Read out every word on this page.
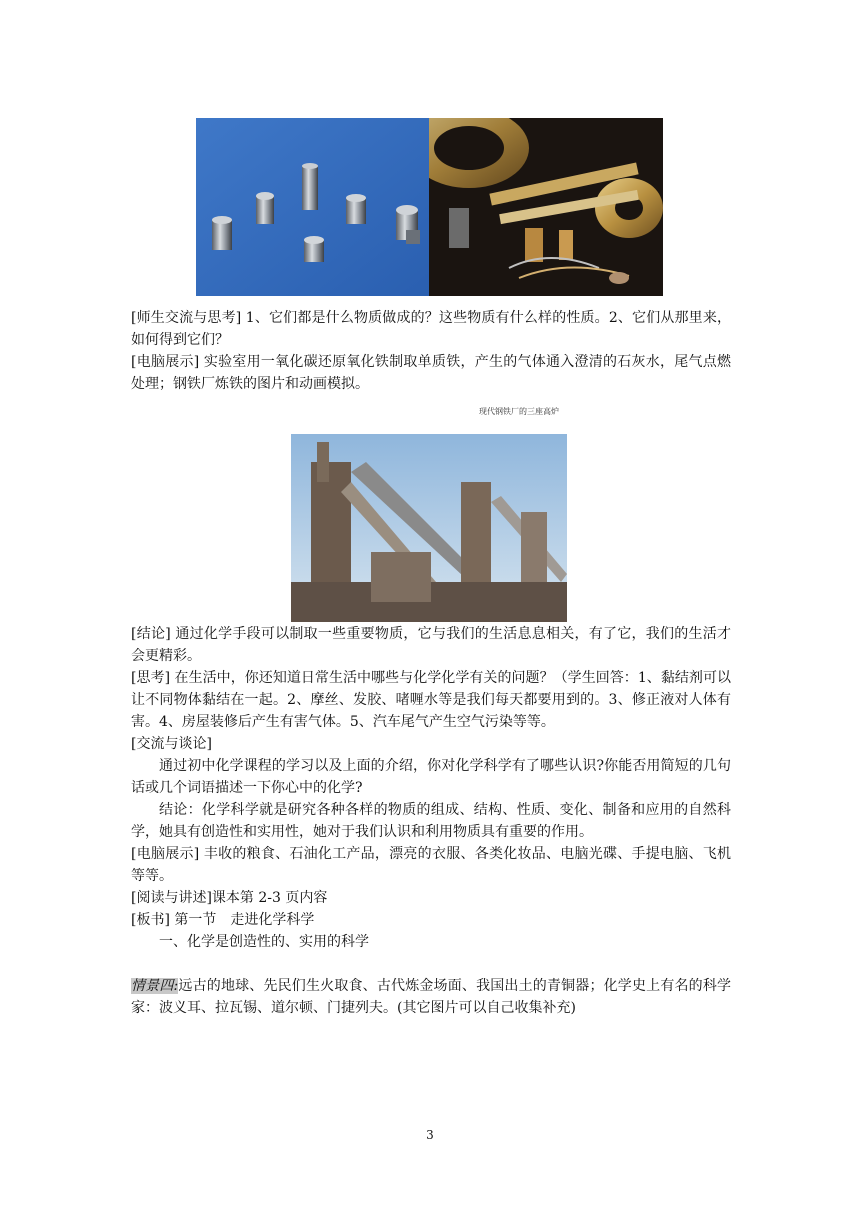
现代钢铁厂的三座高炉

[师生交流与思考] 1、它们都是什么物质做成的？这些物质有什么样的性质。2、它们从那里来，如何得到它们？

[电脑展示] 实验室用一氧化碳还原氧化铁制取单质铁，产生的气体通入澄清的石灰水，尾气点燃处理；钢铁厂炼铁的图片和动画模拟。

[结论] 通过化学手段可以制取一些重要物质，它与我们的生活息息相关，有了它，我们的生活才会更精彩。

[思考] 在生活中，你还知道日常生活中哪些与化学化学有关的问题？（学生回答：1、黏结剂可以让不同物体黏结在一起。2、摩丝、发胶、啫喱水等是我们每天都要用到的。3、修正液对人体有害。4、房屋装修后产生有害气体。5、汽车尾气产生空气污染等等。

[交流与谈论]

通过初中化学课程的学习以及上面的介绍，你对化学科学有了哪些认识?你能否用简短的几句话或几个词语描述一下你心中的化学?

结论：化学科学就是研究各种各样的物质的组成、结构、性质、变化、制备和应用的自然科学，她具有创造性和实用性，她对于我们认识和利用物质具有重要的作用。

[电脑展示] 丰收的粮食、石油化工产品，漂亮的衣服、各类化妆品、电脑光碟、手提电脑、飞机等等。

[阅读与讲述]课本第 2-3 页内容

[板书] 第一节　走进化学科学

一、化学是创造性的、实用的科学

情景四:远古的地球、先民们生火取食、古代炼金场面、我国出土的青铜器；化学史上有名的科学家：波义耳、拉瓦锡、道尔顿、门捷列夫。(其它图片可以自己收集补充)

3
